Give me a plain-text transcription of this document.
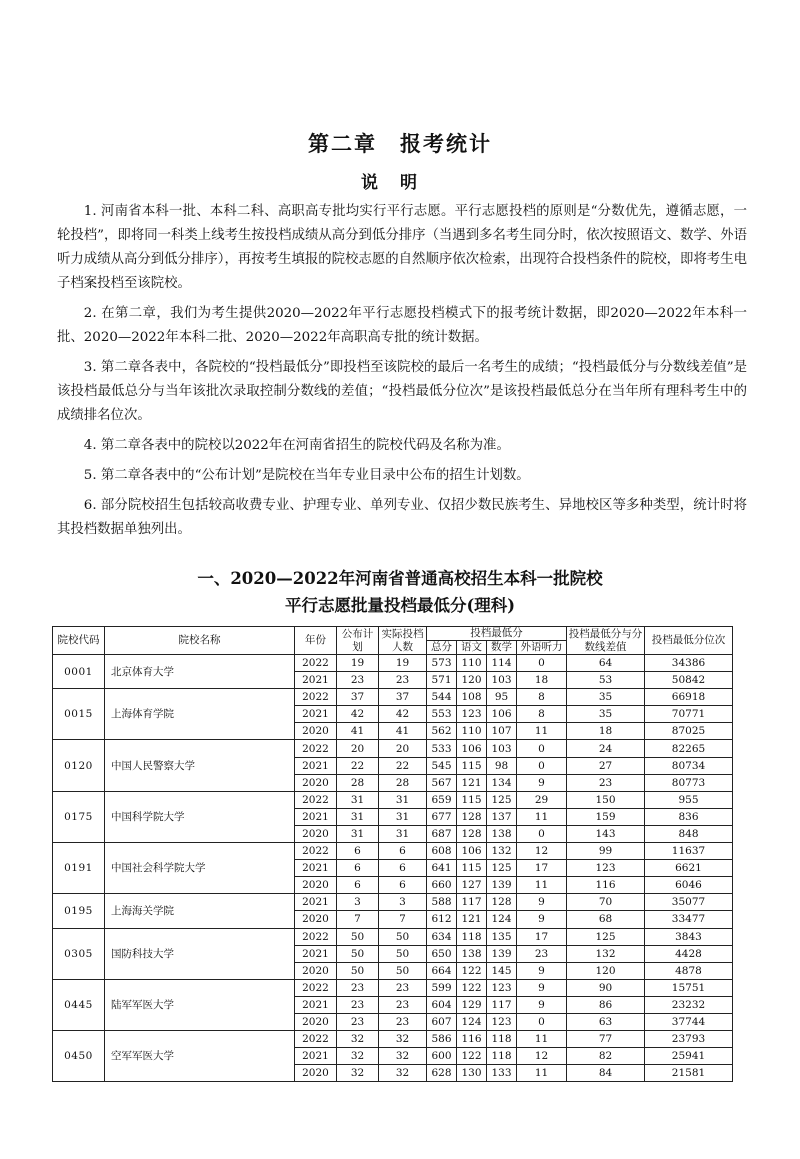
第二章　报考统计
说明

1. 河南省本科一批、本科二科、高职高专批均实行平行志愿。平行志愿投档的原则是“分数优先，遵循志愿，一轮投档”，即将同一科类上线考生按投档成绩从高分到低分排序（当遇到多名考生同分时，依次按照语文、数学、外语听力成绩从高分到低分排序），再按考生填报的院校志愿的自然顺序依次检索，出现符合投档条件的院校，即将考生电子档案投档至该院校。

2. 在第二章，我们为考生提供2020—2022年平行志愿投档模式下的报考统计数据，即2020—2022年本科一批、2020—2022年本科二批、2020—2022年高职高专批的统计数据。

3. 第二章各表中，各院校的“投档最低分”即投档至该院校的最后一名考生的成绩；“投档最低分与分数线差值”是该投档最低总分与当年该批次录取控制分数线的差值；“投档最低分位次”是该投档最低总分在当年所有理科考生中的成绩排名位次。

4. 第二章各表中的院校以2022年在河南省招生的院校代码及名称为准。

5. 第二章各表中的“公布计划”是院校在当年专业目录中公布的招生计划数。

6. 部分院校招生包括较高收费专业、护理专业、单列专业、仅招少数民族考生、异地校区等多种类型，统计时将其投档数据单独列出。

一、2020—2022年河南省普通高校招生本科一批院校
平行志愿批量投档最低分(理科)
院校代码	院校名称	年份	公布计划	实际投档人数	投档最低分				投档最低分与分数线差值	投档最低分位次
					总分	语文	数学	外语听力		
0001	北京体育大学	2022	19	19	573	110	114	0	64	34386
		2021	23	23	571	120	103	18	53	50842
0015	上海体育学院	2022	37	37	544	108	95	8	35	66918
		2021	42	42	553	123	106	8	35	70771
		2020	41	41	562	110	107	11	18	87025
0120	中国人民警察大学	2022	20	20	533	106	103	0	24	82265
		2021	22	22	545	115	98	0	27	80734
		2020	28	28	567	121	134	9	23	80773
0175	中国科学院大学	2022	31	31	659	115	125	29	150	955
		2021	31	31	677	128	137	11	159	836
		2020	31	31	687	128	138	0	143	848
0191	中国社会科学院大学	2022	6	6	608	106	132	12	99	11637
		2021	6	6	641	115	125	17	123	6621
		2020	6	6	660	127	139	11	116	6046
0195	上海海关学院	2021	3	3	588	117	128	9	70	35077
		2020	7	7	612	121	124	9	68	33477
0305	国防科技大学	2022	50	50	634	118	135	17	125	3843
		2021	50	50	650	138	139	23	132	4428
		2020	50	50	664	122	145	9	120	4878
0445	陆军军医大学	2022	23	23	599	122	123	9	90	15751
		2021	23	23	604	129	117	9	86	23232
		2020	23	23	607	124	123	0	63	37744
0450	空军军医大学	2022	32	32	586	116	118	11	77	23793
		2021	32	32	600	122	118	12	82	25941
		2020	32	32	628	130	133	11	84	21581
